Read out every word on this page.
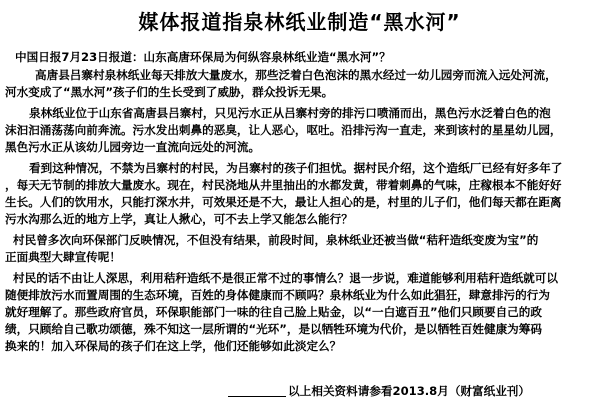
媒体报道指泉林纸业制造“黑水河”
中国日报7月23日报道：山东高唐环保局为何纵容泉林纸业造“黑水河”？
高唐县吕寨村泉林纸业每天排放大量废水，那些泛着白色泡沫的黑水经过一幼儿园旁而流入远处河流，
河水变成了“黑水河”孩子们的生长受到了威胁，群众投诉无果。
泉林纸业位于山东省高唐县吕寨村，只见污水正从吕寨村旁的排污口喷涌而出，黑色污水泛着白色的泡
沫汩汩涌荡荡向前奔流。污水发出刺鼻的恶臭，让人恶心，呕吐。沿排污沟一直走，来到该村的星星幼儿园，
黑色污水正从该幼儿园旁边一直流向远处的河流。
看到这种情况，不禁为吕寨村的村民，为吕寨村的孩子们担忧。据村民介绍，这个造纸厂已经有好多年了
，每天无节制的排放大量废水。现在，村民浇地从井里抽出的水都发黄，带着刺鼻的气味，庄稼根本不能好好
生长。人们的饮用水，只能打深水井，可效果还是不大，最让人担心的是，村里的儿子们，他们每天都在距离
污水沟那么近的地方上学，真让人揪心，可不去上学又能怎么能行？
村民曾多次向环保部门反映情况，不但没有结果，前段时间，泉林纸业还被当做“秸秆造纸变废为宝”的
正面典型大肆宣传呢！
村民的话不由让人深思，利用秸秆造纸不是很正常不过的事情么？退一步说，难道能够利用秸秆造纸就可以
随便排放污水而置周围的生态环境，百姓的身体健康而不顾吗？泉林纸业为什么如此猖狂，肆意排污的行为
就好理解了。那些政府官员，环保职能部门一味的往自己脸上贴金，以“一白遮百丑”他们只顾要自己的政
绩，只顾给自己歌功颂德，殊不知这一层所谓的“光环”，是以牺牲环境为代价，是以牺牲百姓健康为筹码
换来的！加入环保局的孩子们在这上学，他们还能够如此淡定么？
以上相关资料请参看2013.8月（财富纸业刊）
